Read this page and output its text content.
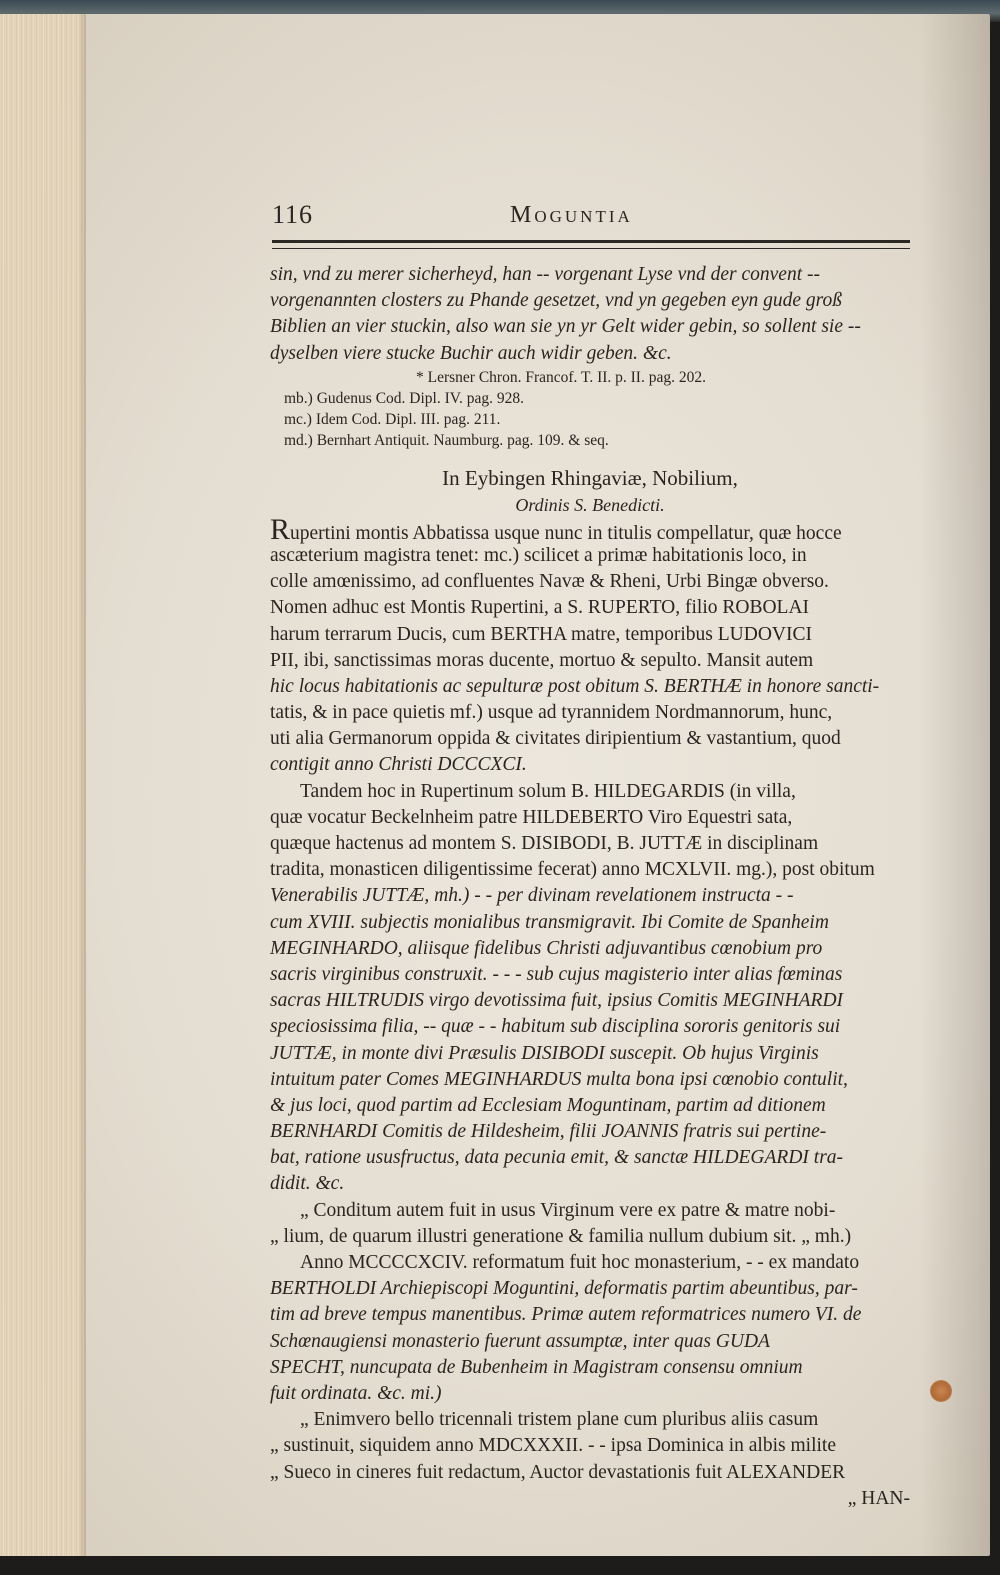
116	Moguntia
sin, vnd zu merer sicherheyd, han -- vorgenant Lyse vnd der convent --
vorgenannten closters zu Phande gesetzet, vnd yn gegeben eyn gude groß
Biblien an vier stuckin, also wan sie yn yr Gelt wider gebin, so sollent sie --
dyselben viere stucke Buchir auch widir geben. &c.
* Lersner Chron. Francof. T. II. p. II. pag. 202.
mb.) Gudenus Cod. Dipl. IV. pag. 928.
mc.) Idem Cod. Dipl. III. pag. 211.
md.) Bernhart Antiquit. Naumburg. pag. 109. & seq.
In Eybingen Rhingaviæ, Nobilium,
Ordinis S. Benedicti.
Rupertini montis Abbatissa usque nunc in titulis compellatur, quæ hocce
ascæterium magistra tenet: mc.) scilicet a primæ habitationis loco, in
colle amœnissimo, ad confluentes Navæ & Rheni, Urbi Bingæ obverso.
Nomen adhuc est Montis Rupertini, a S. RUPERTO, filio ROBOLAI
harum terrarum Ducis, cum BERTHA matre, temporibus LUDOVICI
PII, ibi, sanctissimas moras ducente, mortuo & sepulto. Mansit autem
hic locus habitationis ac sepulturæ post obitum S. BERTHÆ in honore sancti-
tatis, & in pace quietis mf.) usque ad tyrannidem Nordmannorum, hunc,
uti alia Germanorum oppida & civitates diripientium & vastantium, quod
contigit anno Christi DCCCXCI.
Tandem hoc in Rupertinum solum B. HILDEGARDIS (in villa,
quæ vocatur Beckelnheim patre HILDEBERTO Viro Equestri sata,
quæque hactenus ad montem S. DISIBODI, B. JUTTÆ in disciplinam
tradita, monasticen diligentissime fecerat) anno MCXLVII. mg.), post obitum
Venerabilis JUTTÆ, mh.) - - per divinam revelationem instructa - -
cum XVIII. subjectis monialibus transmigravit. Ibi Comite de Spanheim
MEGINHARDO, aliisque fidelibus Christi adjuvantibus cœnobium pro
sacris virginibus construxit. - - - sub cujus magisterio inter alias fœminas
sacras HILTRUDIS virgo devotissima fuit, ipsius Comitis MEGINHARDI
speciosissima filia, -- quæ - - habitum sub disciplina sororis genitoris sui
JUTTÆ, in monte divi Præsulis DISIBODI suscepit. Ob hujus Virginis
intuitum pater Comes MEGINHARDUS multa bona ipsi cœnobio contulit,
& jus loci, quod partim ad Ecclesiam Moguntinam, partim ad ditionem
BERNHARDI Comitis de Hildesheim, filii JOANNIS fratris sui pertine-
bat, ratione ususfructus, data pecunia emit, & sanctæ HILDEGARDI tra-
didit. &c.
„ Conditum autem fuit in usus Virginum vere ex patre & matre nobi-
„ lium, de quarum illustri generatione & familia nullum dubium sit. „ mh.)
Anno MCCCCXCIV. reformatum fuit hoc monasterium, - - ex mandato
BERTHOLDI Archiepiscopi Moguntini, deformatis partim abeuntibus, par-
tim ad breve tempus manentibus. Primæ autem reformatrices numero VI. de
Schœnaugiensi monasterio fuerunt assumptæ, inter quas GUDA
SPECHT, nuncupata de Bubenheim in Magistram consensu omnium
fuit ordinata. &c. mi.)
„ Enimvero bello tricennali tristem plane cum pluribus aliis casum
„ sustinuit, siquidem anno MDCXXXII. - - ipsa Dominica in albis milite
„ Sueco in cineres fuit redactum, Auctor devastationis fuit ALEXANDER
„ HAN-
